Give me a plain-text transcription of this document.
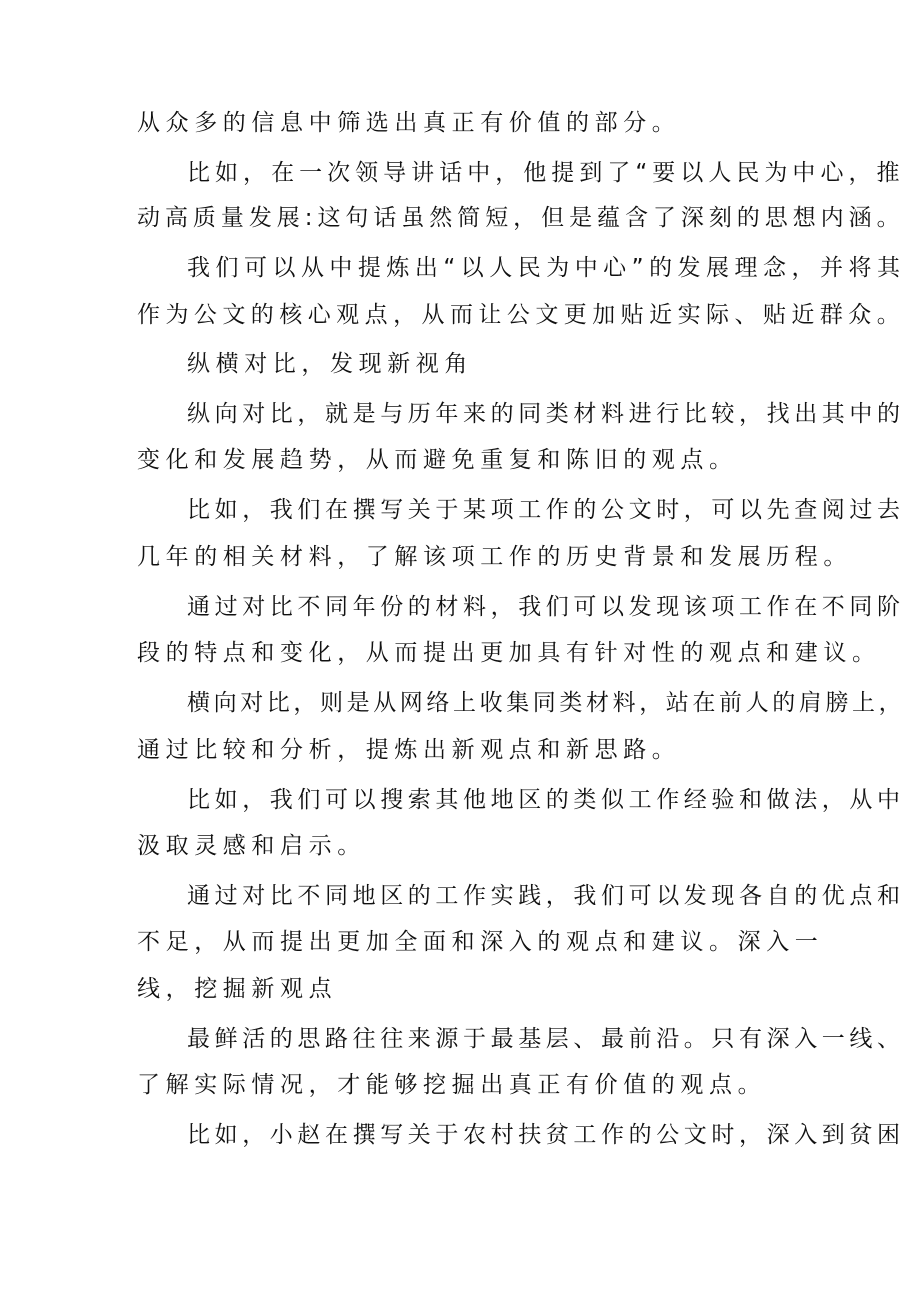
从众多的信息中筛选出真正有价值的部分。
比如，在一次领导讲话中，他提到了“要以人民为中心，推
动高质量发展:这句话虽然简短，但是蕴含了深刻的思想内涵。
我们可以从中提炼出“以人民为中心”的发展理念，并将其
作为公文的核心观点，从而让公文更加贴近实际、贴近群众。
纵横对比，发现新视角
纵向对比，就是与历年来的同类材料进行比较，找出其中的
变化和发展趋势，从而避免重复和陈旧的观点。
比如，我们在撰写关于某项工作的公文时，可以先查阅过去
几年的相关材料，了解该项工作的历史背景和发展历程。
通过对比不同年份的材料，我们可以发现该项工作在不同阶
段的特点和变化，从而提出更加具有针对性的观点和建议。
横向对比，则是从网络上收集同类材料，站在前人的肩膀上，
通过比较和分析，提炼出新观点和新思路。
比如，我们可以搜索其他地区的类似工作经验和做法，从中
汲取灵感和启示。
通过对比不同地区的工作实践，我们可以发现各自的优点和
不足，从而提出更加全面和深入的观点和建议。深入一
线，挖掘新观点
最鲜活的思路往往来源于最基层、最前沿。只有深入一线、
了解实际情况，才能够挖掘出真正有价值的观点。
比如，小赵在撰写关于农村扶贫工作的公文时，深入到贫困
